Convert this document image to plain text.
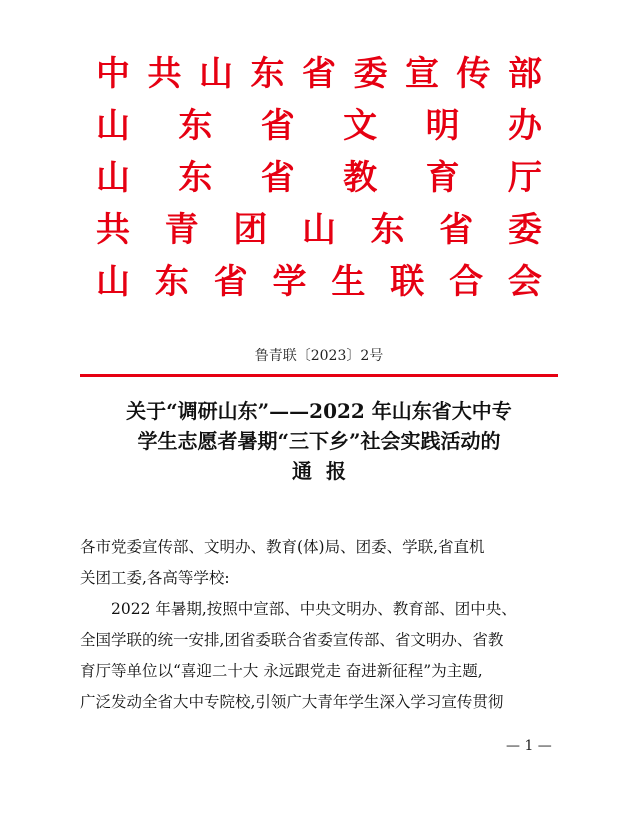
中 共 山 东 省 委 宣 传 部
山 东 省 文 明 办
山 东 省 教 育 厅
共 青 团 山 东 省 委
山 东 省 学 生 联 合 会
鲁青联〔2023〕2号
关于“调研山东”——2022 年山东省大中专
学生志愿者暑期“三下乡”社会实践活动的
通报

各市党委宣传部、文明办、教育(体)局、团委、学联,省直机
关团工委,各高等学校:

2022 年暑期,按照中宣部、中央文明办、教育部、团中央、
全国学联的统一安排,团省委联合省委宣传部、省文明办、省教
育厅等单位以“喜迎二十大 永远跟党走 奋进新征程”为主题,
广泛发动全省大中专院校,引领广大青年学生深入学习宣传贯彻

— 1 —
